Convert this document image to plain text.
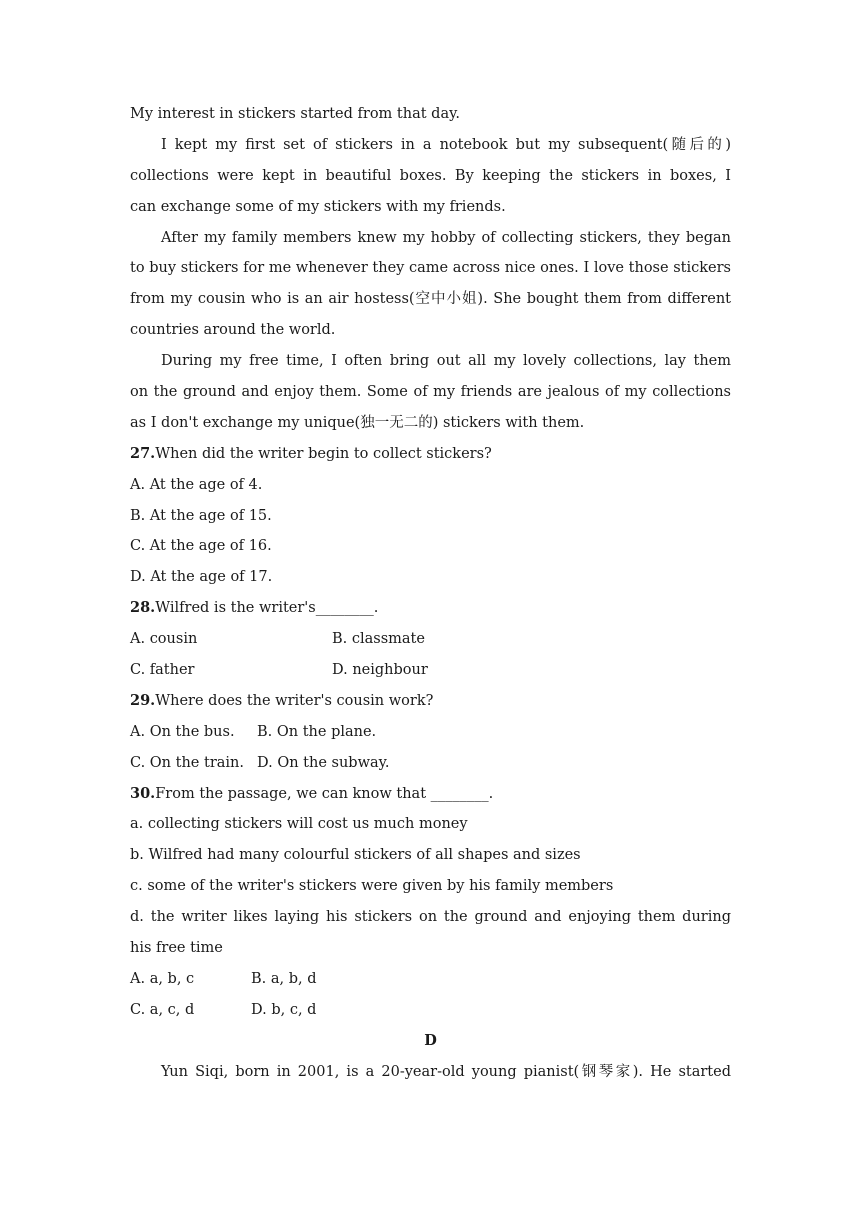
My interest in stickers started from that day.
I kept my first set of stickers in a notebook but my subsequent(随后的)
collections were kept in beautiful boxes. By keeping the stickers in boxes, I
can exchange some of my stickers with my friends.
After my family members knew my hobby of collecting stickers, they began
to buy stickers for me whenever they came across nice ones. I love those stickers
from my cousin who is an air hostess(空中小姐). She bought them from different
countries around the world.
During my free time, I often bring out all my lovely collections, lay them
on the ground and enjoy them. Some of my friends are jealous of my collections
as I don't exchange my unique(独一无二的) stickers with them.
27.When did the writer begin to collect stickers?
A. At the age of 4.
B. At the age of 15.
C. At the age of 16.
D. At the age of 17.
28.Wilfred is the writer's________.
A. cousin	B. classmate
C. father	D. neighbour
29.Where does the writer's cousin work?
A. On the bus.	B. On the plane.
C. On the train. D. On the subway.
30.From the passage, we can know that ________.
a. collecting stickers will cost us much money
b. Wilfred had many colourful stickers of all shapes and sizes
c. some of the writer's stickers were given by his family members
d. the writer likes laying his stickers on the ground and enjoying them during
his free time
A. a, b, c	B. a, b, d
C. a, c, d	D. b, c, d
D
Yun Siqi, born in 2001, is a 20-year-old young pianist(钢琴家). He started
